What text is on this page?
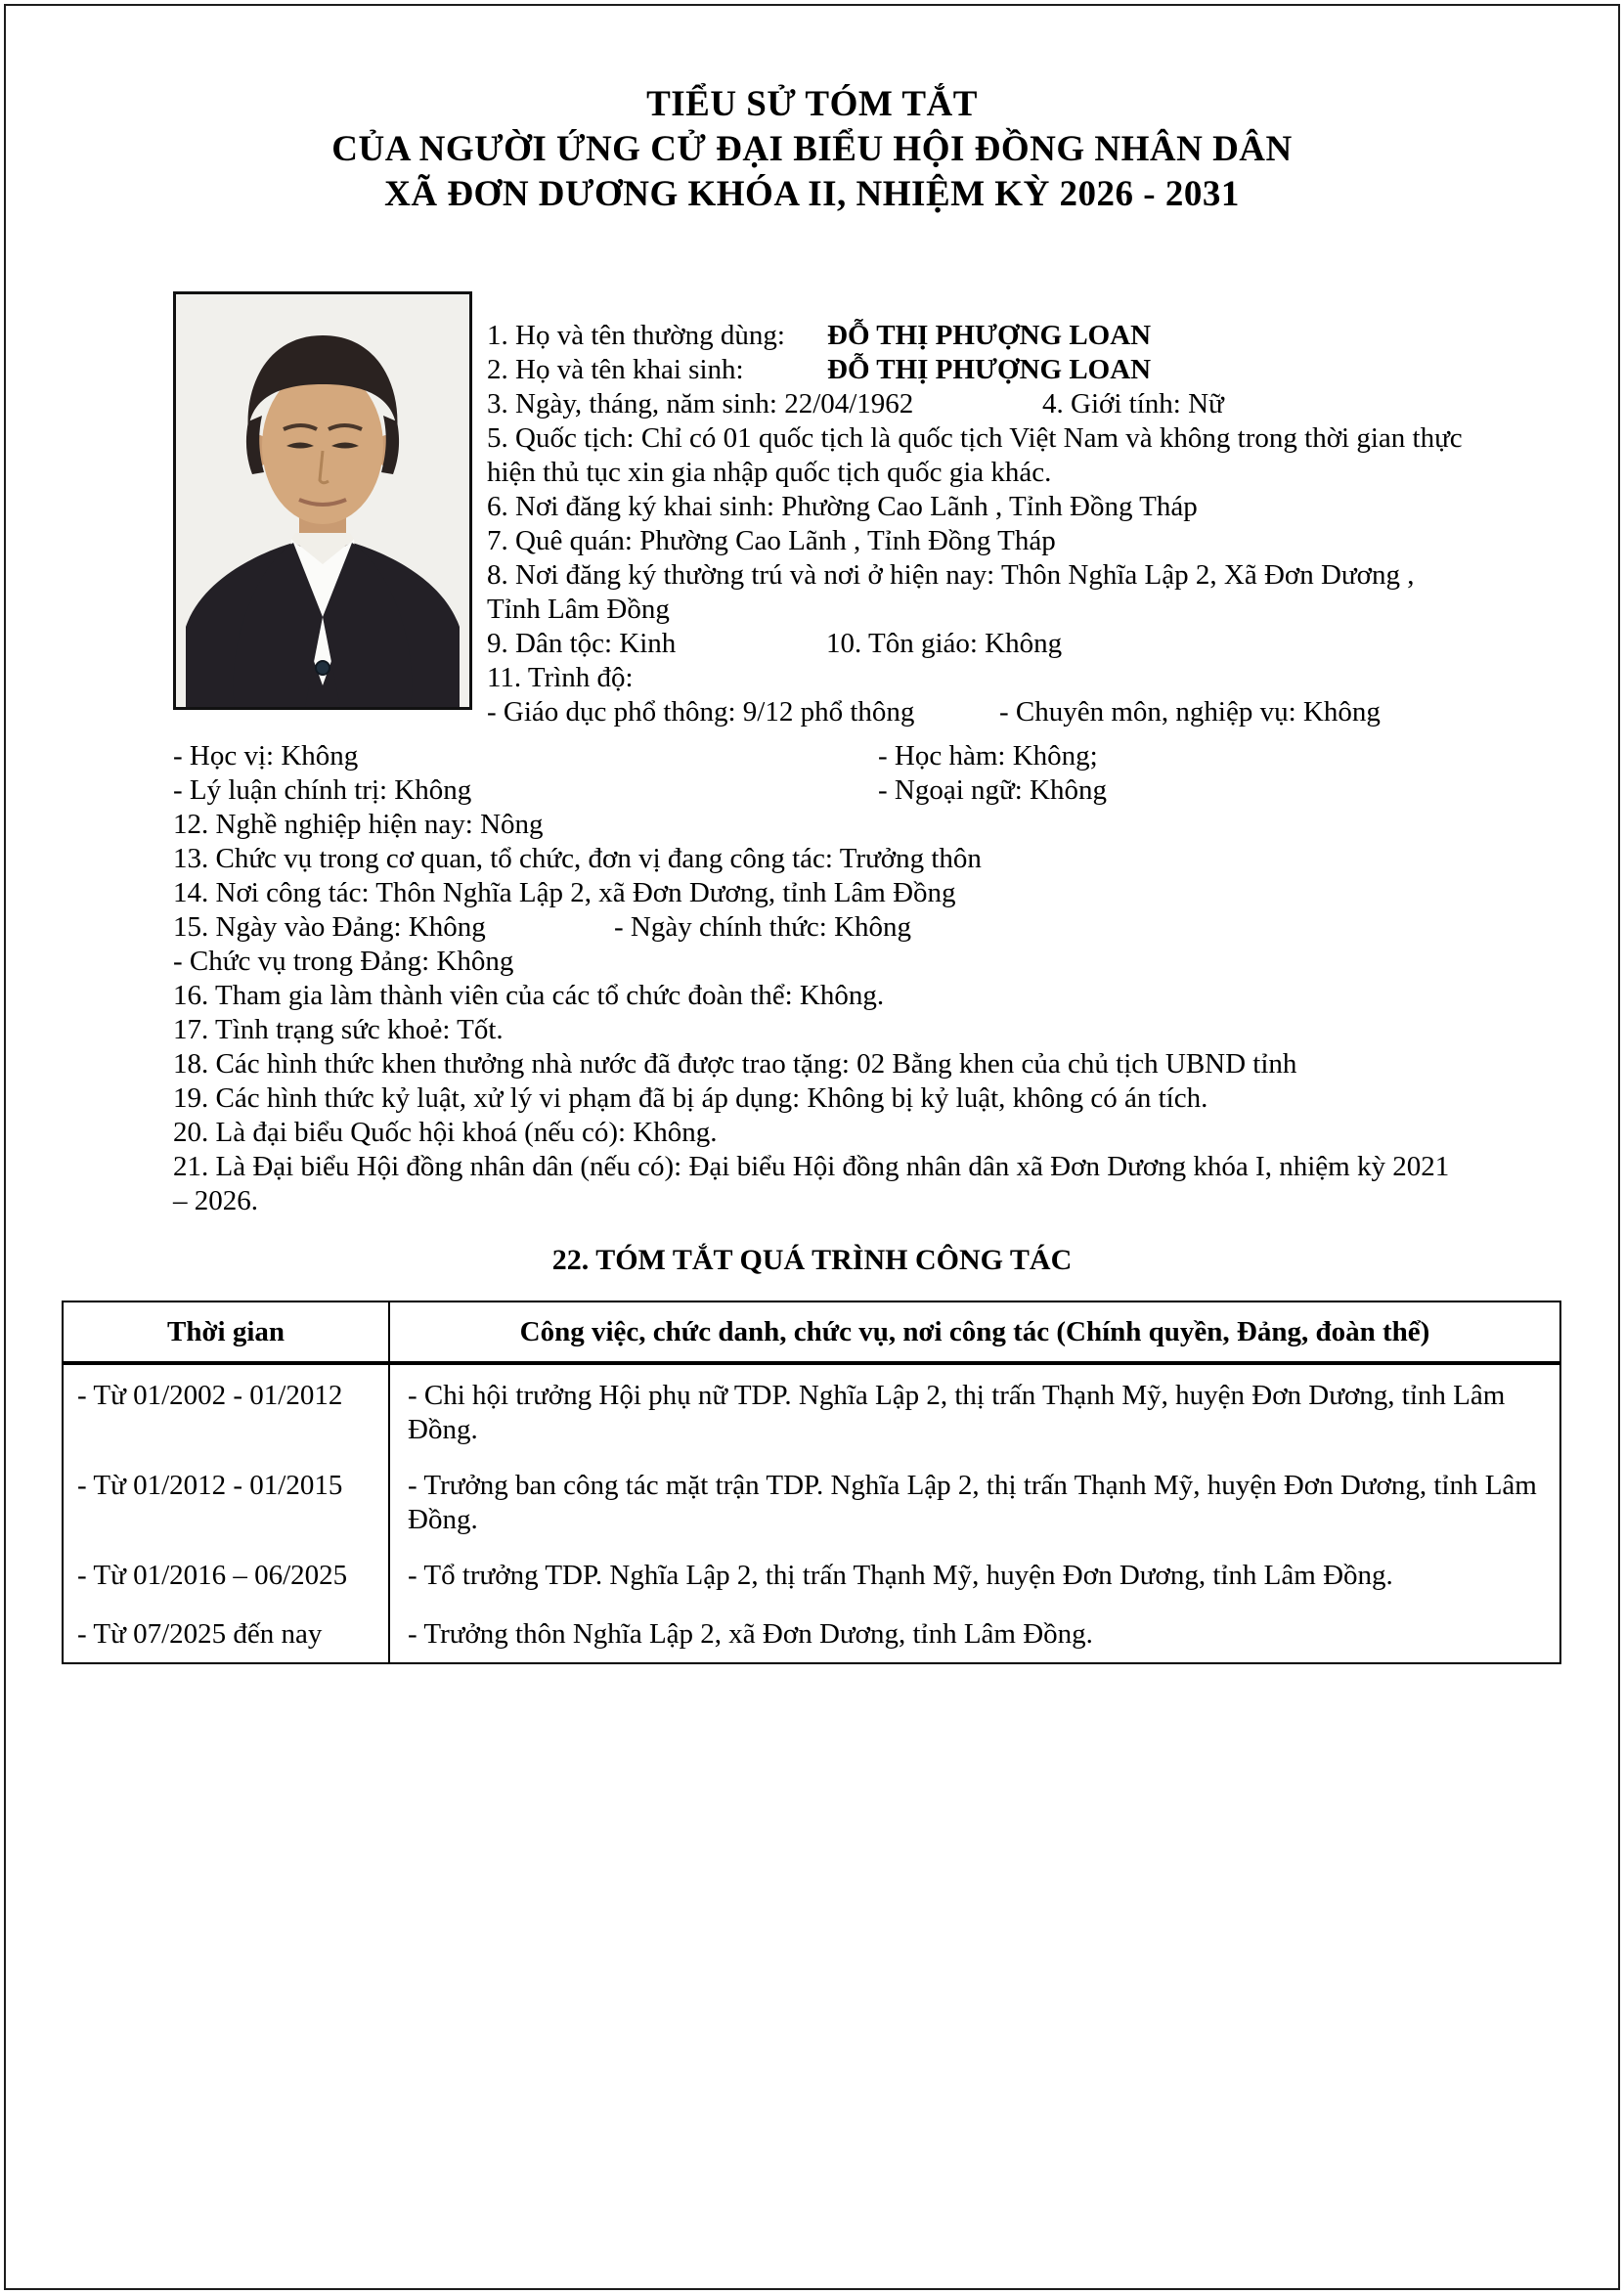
TIỂU SỬ TÓM TẮT
CỦA NGƯỜI ỨNG CỬ ĐẠI BIỂU HỘI ĐỒNG NHÂN DÂN
XÃ ĐƠN DƯƠNG KHÓA II, NHIỆM KỲ 2026 - 2031
1. Họ và tên thường dùng: ĐỖ THỊ PHƯỢNG LOAN
2. Họ và tên khai sinh:	ĐỖ THỊ PHƯỢNG LOAN
3. Ngày, tháng, năm sinh: 22/04/1962	4. Giới tính: Nữ
5. Quốc tịch: Chỉ có 01 quốc tịch là quốc tịch Việt Nam và không trong thời gian thực hiện thủ tục xin gia nhập quốc tịch quốc gia khác.
6. Nơi đăng ký khai sinh: Phường Cao Lãnh , Tỉnh Đồng Tháp
7. Quê quán: Phường Cao Lãnh , Tỉnh Đồng Tháp
8. Nơi đăng ký thường trú và nơi ở hiện nay: Thôn Nghĩa Lập 2, Xã Đơn Dương , Tỉnh Lâm Đồng
9. Dân tộc: Kinh	10. Tôn giáo: Không
11. Trình độ:
- Giáo dục phổ thông: 9/12 phổ thông	- Chuyên môn, nghiệp vụ: Không
- Học vị: Không	- Học hàm: Không;
- Lý luận chính trị: Không	- Ngoại ngữ: Không
12. Nghề nghiệp hiện nay: Nông
13. Chức vụ trong cơ quan, tổ chức, đơn vị đang công tác: Trưởng thôn
14. Nơi công tác: Thôn Nghĩa Lập 2, xã Đơn Dương, tỉnh Lâm Đồng
15. Ngày vào Đảng: Không	- Ngày chính thức: Không
- Chức vụ trong Đảng: Không
16. Tham gia làm thành viên của các tổ chức đoàn thể: Không.
17. Tình trạng sức khoẻ: Tốt.
18. Các hình thức khen thưởng nhà nước đã được trao tặng: 02 Bằng khen của chủ tịch UBND tỉnh
19. Các hình thức kỷ luật, xử lý vi phạm đã bị áp dụng: Không bị kỷ luật, không có án tích.
20. Là đại biểu Quốc hội khoá (nếu có): Không.
21. Là Đại biểu Hội đồng nhân dân (nếu có): Đại biểu Hội đồng nhân dân xã Đơn Dương khóa I, nhiệm kỳ 2021 – 2026.
22. TÓM TẮT QUÁ TRÌNH CÔNG TÁC
Thời gian	Công việc, chức danh, chức vụ, nơi công tác (Chính quyền, Đảng, đoàn thể)
- Từ 01/2002 - 01/2012	- Chi hội trưởng Hội phụ nữ TDP. Nghĩa Lập 2, thị trấn Thạnh Mỹ, huyện Đơn Dương, tỉnh Lâm Đồng.
- Từ 01/2012 - 01/2015	- Trưởng ban công tác mặt trận TDP. Nghĩa Lập 2, thị trấn Thạnh Mỹ, huyện Đơn Dương, tỉnh Lâm Đồng.
- Từ 01/2016 – 06/2025	- Tổ trưởng TDP. Nghĩa Lập 2, thị trấn Thạnh Mỹ, huyện Đơn Dương, tỉnh Lâm Đồng.
- Từ 07/2025 đến nay	- Trưởng thôn Nghĩa Lập 2, xã Đơn Dương, tỉnh Lâm Đồng.
